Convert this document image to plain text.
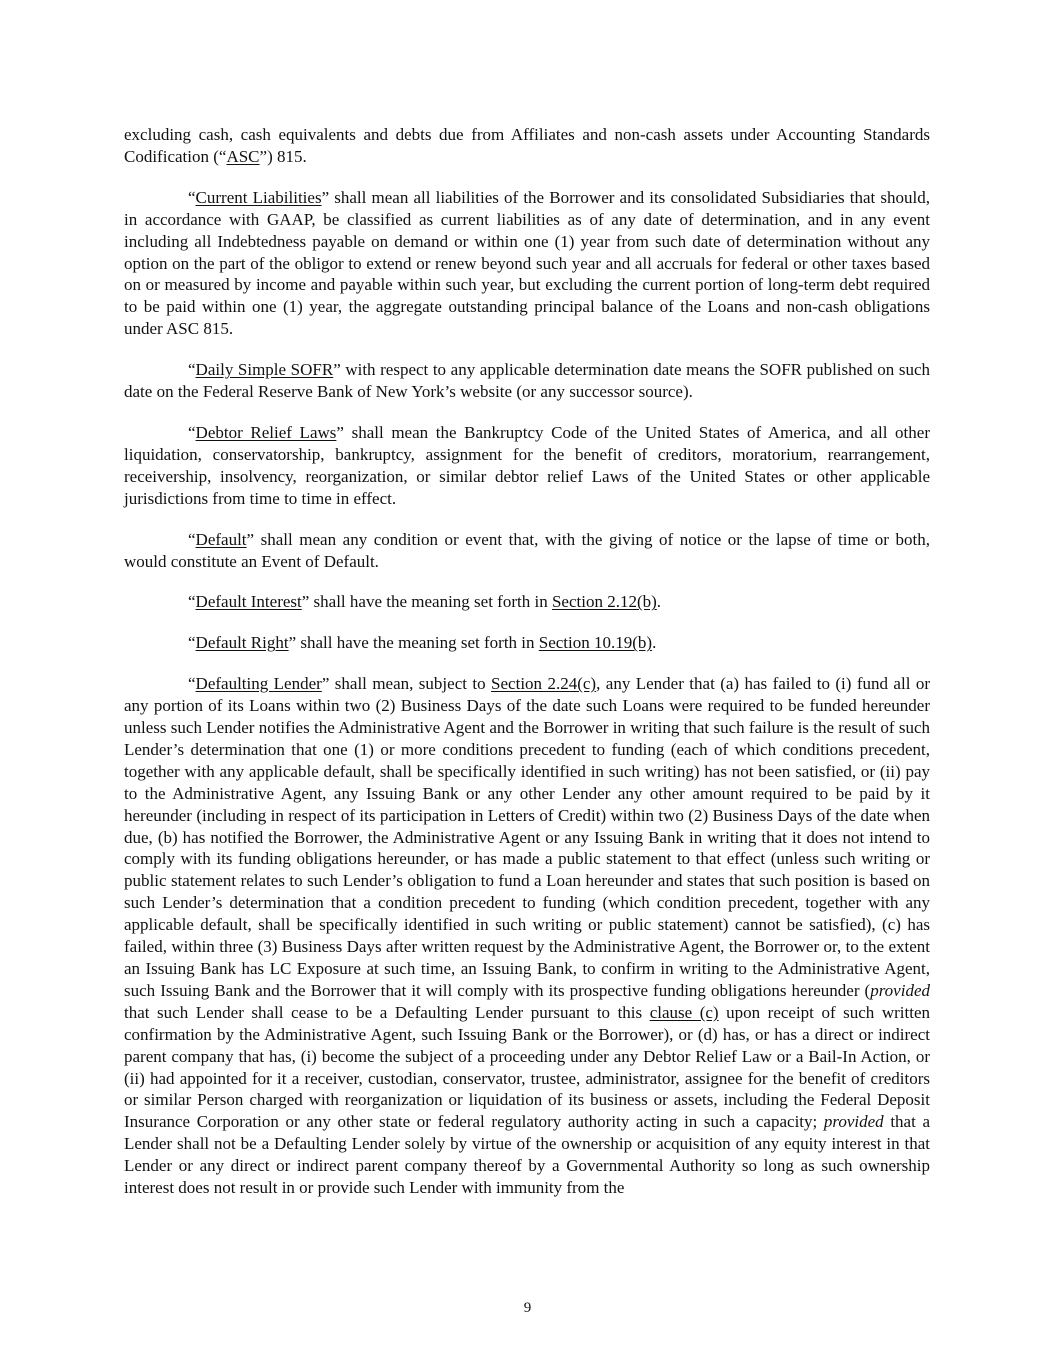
excluding cash, cash equivalents and debts due from Affiliates and non-cash assets under Accounting Standards Codification (“ASC”) 815.

“Current Liabilities” shall mean all liabilities of the Borrower and its consolidated Subsidiaries that should, in accordance with GAAP, be classified as current liabilities as of any date of determination, and in any event including all Indebtedness payable on demand or within one (1) year from such date of determination without any option on the part of the obligor to extend or renew beyond such year and all accruals for federal or other taxes based on or measured by income and payable within such year, but excluding the current portion of long-term debt required to be paid within one (1) year, the aggregate outstanding principal balance of the Loans and non-cash obligations under ASC 815.

“Daily Simple SOFR” with respect to any applicable determination date means the SOFR published on such date on the Federal Reserve Bank of New York’s website (or any successor source).

“Debtor Relief Laws” shall mean the Bankruptcy Code of the United States of America, and all other liquidation, conservatorship, bankruptcy, assignment for the benefit of creditors, moratorium, rearrangement, receivership, insolvency, reorganization, or similar debtor relief Laws of the United States or other applicable jurisdictions from time to time in effect.

“Default” shall mean any condition or event that, with the giving of notice or the lapse of time or both, would constitute an Event of Default.

“Default Interest” shall have the meaning set forth in Section 2.12(b).

“Default Right” shall have the meaning set forth in Section 10.19(b).

“Defaulting Lender” shall mean, subject to Section 2.24(c), any Lender that (a) has failed to (i) fund all or any portion of its Loans within two (2) Business Days of the date such Loans were required to be funded hereunder unless such Lender notifies the Administrative Agent and the Borrower in writing that such failure is the result of such Lender’s determination that one (1) or more conditions precedent to funding (each of which conditions precedent, together with any applicable default, shall be specifically identified in such writing) has not been satisfied, or (ii) pay to the Administrative Agent, any Issuing Bank or any other Lender any other amount required to be paid by it hereunder (including in respect of its participation in Letters of Credit) within two (2) Business Days of the date when due, (b) has notified the Borrower, the Administrative Agent or any Issuing Bank in writing that it does not intend to comply with its funding obligations hereunder, or has made a public statement to that effect (unless such writing or public statement relates to such Lender’s obligation to fund a Loan hereunder and states that such position is based on such Lender’s determination that a condition precedent to funding (which condition precedent, together with any applicable default, shall be specifically identified in such writing or public statement) cannot be satisfied), (c) has failed, within three (3) Business Days after written request by the Administrative Agent, the Borrower or, to the extent an Issuing Bank has LC Exposure at such time, an Issuing Bank, to confirm in writing to the Administrative Agent, such Issuing Bank and the Borrower that it will comply with its prospective funding obligations hereunder (provided that such Lender shall cease to be a Defaulting Lender pursuant to this clause (c) upon receipt of such written confirmation by the Administrative Agent, such Issuing Bank or the Borrower), or (d) has, or has a direct or indirect parent company that has, (i) become the subject of a proceeding under any Debtor Relief Law or a Bail-In Action, or (ii) had appointed for it a receiver, custodian, conservator, trustee, administrator, assignee for the benefit of creditors or similar Person charged with reorganization or liquidation of its business or assets, including the Federal Deposit Insurance Corporation or any other state or federal regulatory authority acting in such a capacity; provided that a Lender shall not be a Defaulting Lender solely by virtue of the ownership or acquisition of any equity interest in that Lender or any direct or indirect parent company thereof by a Governmental Authority so long as such ownership interest does not result in or provide such Lender with immunity from the

9
